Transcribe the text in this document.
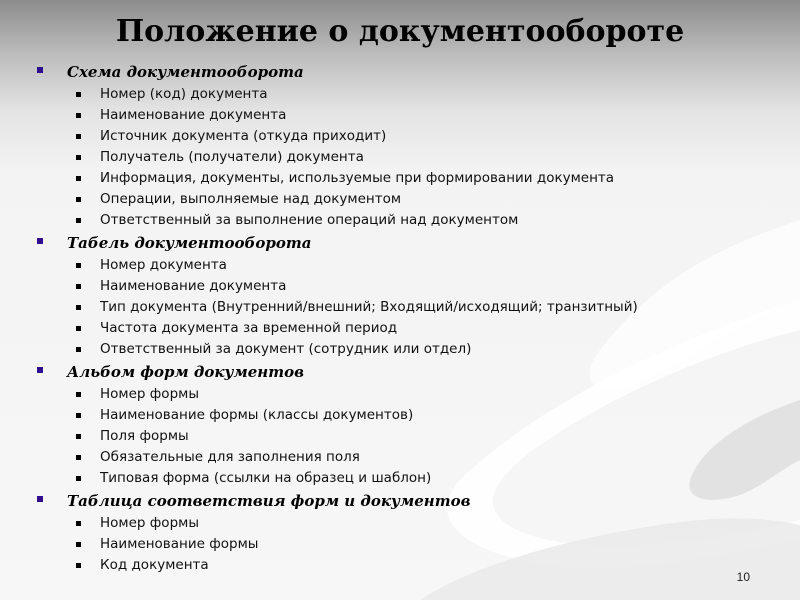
Положение о документообороте
Схема документооборота
Номер (код) документа
Наименование документа
Источник документа (откуда приходит)
Получатель (получатели) документа
Информация, документы, используемые при формировании документа
Операции, выполняемые над документом
Ответственный за выполнение операций над документом
Табель документооборота
Номер документа
Наименование документа
Тип документа (Внутренний/внешний; Входящий/исходящий; транзитный)
Частота документа за временной период
Ответственный за документ (сотрудник или отдел)
Альбом форм документов
Номер формы
Наименование формы (классы документов)
Поля формы
Обязательные для заполнения поля
Типовая форма (ссылки на образец и шаблон)
Таблица соответствия форм и документов
Номер формы
Наименование формы
Код документа
10
